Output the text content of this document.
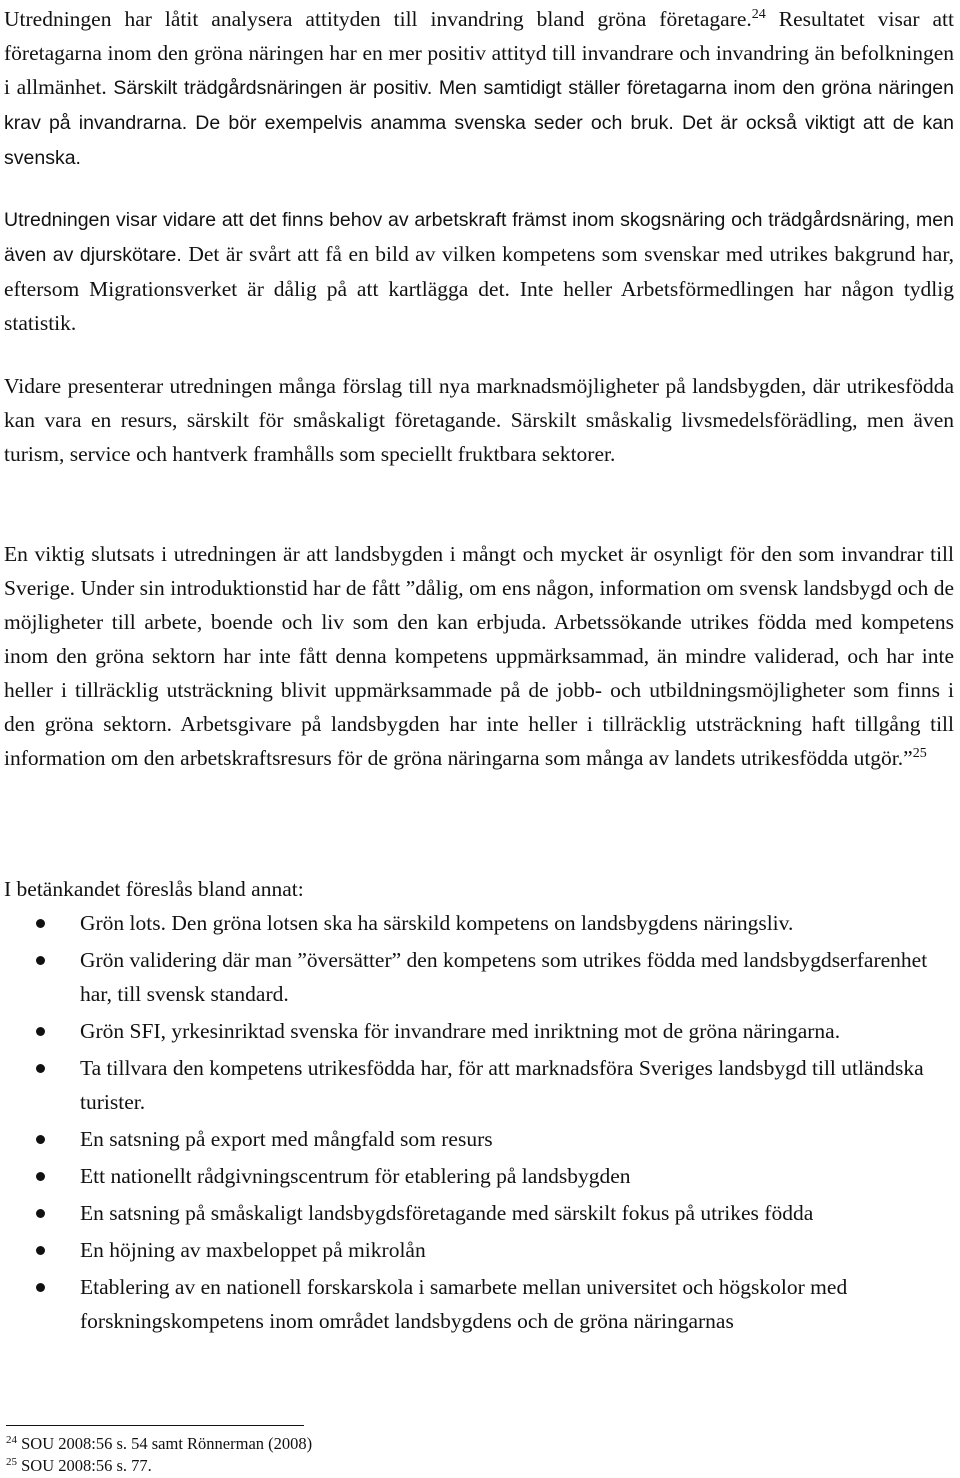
Utredningen har låtit analysera attityden till invandring bland gröna företagare.$^{24}$ Resultatet visar att företagarna inom den gröna näringen har en mer positiv attityd till invandrare och invandring än befolkningen i allmänhet. Särskilt trädgårdsnäringen är positiv. Men samtidigt ställer företagarna inom den gröna näringen krav på invandrarna. De bör exempelvis anamma svenska seder och bruk. Det är också viktigt att de kan svenska.

Utredningen visar vidare att det finns behov av arbetskraft främst inom skogsnäring och trädgårdsnäring, men även av djurskötare. Det är svårt att få en bild av vilken kompetens som svenskar med utrikes bakgrund har, eftersom Migrationsverket är dålig på att kartlägga det. Inte heller Arbetsförmedlingen har någon tydlig statistik.

Vidare presenterar utredningen många förslag till nya marknadsmöjligheter på landsbygden, där utrikesfödda kan vara en resurs, särskilt för småskaligt företagande. Särskilt småskalig livsmedelsförädling, men även turism, service och hantverk framhålls som speciellt fruktbara sektorer.

En viktig slutsats i utredningen är att landsbygden i mångt och mycket är osynligt för den som invandrar till Sverige. Under sin introduktionstid har de fått ”dålig, om ens någon, information om svensk landsbygd och de möjligheter till arbete, boende och liv som den kan erbjuda. Arbetssökande utrikes födda med kompetens inom den gröna sektorn har inte fått denna kompetens uppmärksammad, än mindre validerad, och har inte heller i tillräcklig utsträckning blivit uppmärksammade på de jobb- och utbildningsmöjligheter som finns i den gröna sektorn. Arbetsgivare på landsbygden har inte heller i tillräcklig utsträckning haft tillgång till information om den arbetskraftsresurs för de gröna näringarna som många av landets utrikesfödda utgör.”$^{25}$

I betänkandet föreslås bland annat:

Grön lots. Den gröna lotsen ska ha särskild kompetens on landsbygdens näringsliv.
Grön validering där man ”översätter” den kompetens som utrikes födda med landsbygdserfarenhet har, till svensk standard.
Grön SFI, yrkesinriktad svenska för invandrare med inriktning mot de gröna näringarna.
Ta tillvara den kompetens utrikesfödda har, för att marknadsföra Sveriges landsbygd till utländska turister.
En satsning på export med mångfald som resurs
Ett nationellt rådgivningscentrum för etablering på landsbygden
En satsning på småskaligt landsbygdsföretagande med särskilt fokus på utrikes födda
En höjning av maxbeloppet på mikrolån
Etablering av en nationell forskarskola i samarbete mellan universitet och högskolor med forskningskompetens inom området landsbygdens och de gröna näringarnas
$^{24}$ SOU 2008:56 s. 54 samt Rönnerman (2008)
$^{25}$ SOU 2008:56 s. 77.
